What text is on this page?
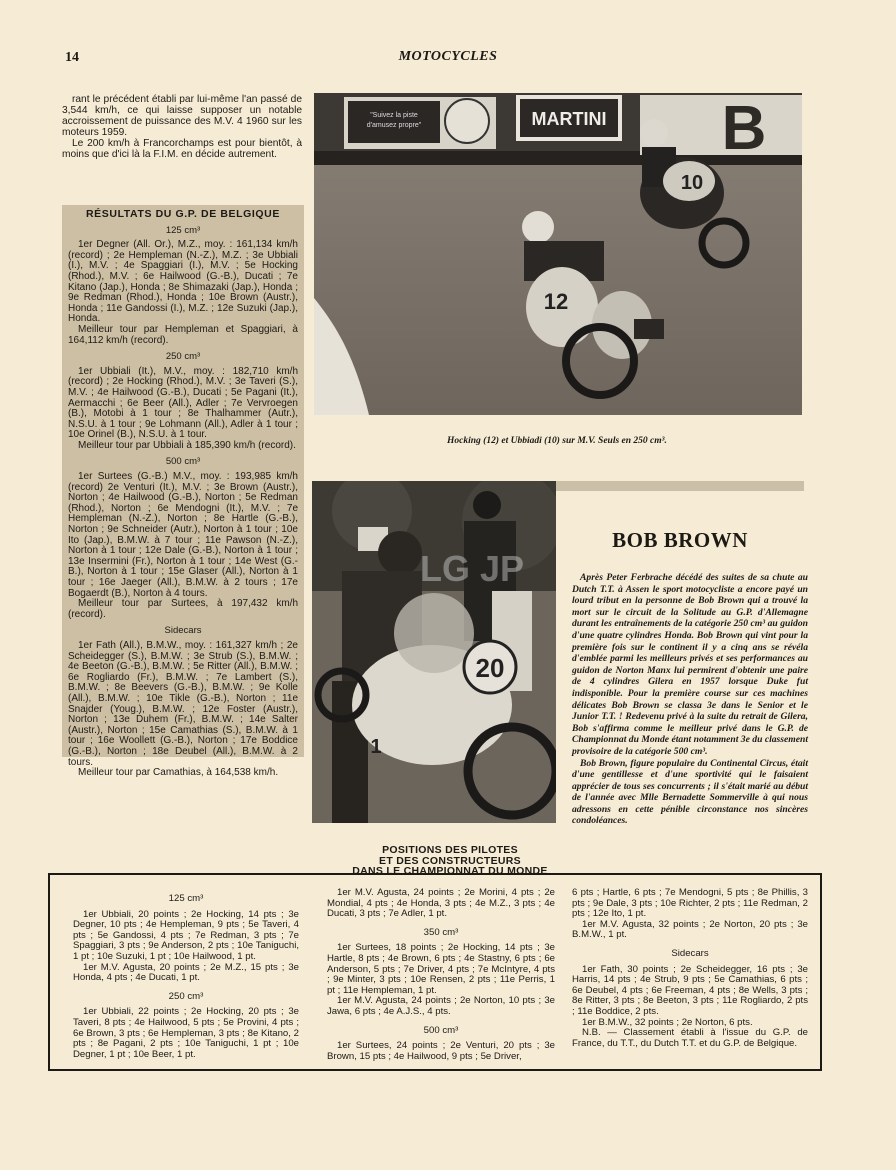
14	MOTOCYCLES

rant le précédent établi par lui-même l'an passé de 3,544 km/h, ce qui laisse supposer un notable accroissement de puissance des M.V. 4 1960 sur les moteurs 1959.

Le 200 km/h à Francorchamps est pour bientôt, à moins que d'ici là la F.I.M. en décide autrement.

RÉSULTATS DU G.P. DE BELGIQUE
125 cm³

1er Degner (All. Or.), M.Z., moy. : 161,134 km/h (record) ; 2e Hempleman (N.-Z.), M.Z. ; 3e Ubbiali (I.), M.V. ; 4e Spaggiari (I.), M.V. ; 5e Hocking (Rhod.), M.V. ; 6e Hailwood (G.-B.), Ducati ; 7e Kitano (Jap.), Honda ; 8e Shimazaki (Jap.), Honda ; 9e Redman (Rhod.), Honda ; 10e Brown (Austr.), Honda ; 11e Gandossi (I.), M.Z. ; 12e Suzuki (Jap.), Honda.

Meilleur tour par Hempleman et Spaggiari, à 164,112 km/h (record).

250 cm³

1er Ubbiali (It.), M.V., moy. : 182,710 km/h (record) ; 2e Hocking (Rhod.), M.V. ; 3e Taveri (S.), M.V. ; 4e Hailwood (G.-B.), Ducati ; 5e Pagani (It.), Aermacchi ; 6e Beer (All.), Adler ; 7e Vervroegen (B.), Motobi à 1 tour ; 8e Thalhammer (Autr.), N.S.U. à 1 tour ; 9e Lohmann (All.), Adler à 1 tour ; 10e Orinel (B.), N.S.U. à 1 tour.

Meilleur tour par Ubbiali à 185,390 km/h (record).

500 cm³

1er Surtees (G.-B.) M.V., moy. : 193,985 km/h (record) 2e Venturi (It.), M.V. ; 3e Brown (Austr.), Norton ; 4e Hailwood (G.-B.), Norton ; 5e Redman (Rhod.), Norton ; 6e Mendogni (It.), M.V. ; 7e Hempleman (N.-Z.), Norton ; 8e Hartle (G.-B.), Norton ; 9e Schneider (Autr.), Norton à 1 tour ; 10e Ito (Jap.), B.M.W. à 7 tour ; 11e Pawson (N.-Z.), Norton à 1 tour ; 12e Dale (G.-B.), Norton à 1 tour ; 13e Insermini (Fr.), Norton à 1 tour ; 14e West (G.-B.), Norton à 1 tour ; 15e Glaser (All.), Norton à 1 tour ; 16e Jaeger (All.), B.M.W. à 2 tours ; 17e Bogaerdt (B.), Norton à 4 tours.

Meilleur tour par Surtees, à 197,432 km/h (record).

Sidecars

1er Fath (All.), B.M.W., moy. : 161,327 km/h ; 2e Scheidegger (S.), B.M.W. ; 3e Strub (S.), B.M.W. ; 4e Beeton (G.-B.), B.M.W. ; 5e Ritter (All.), B.M.W. ; 6e Rogliardo (Fr.), B.M.W. ; 7e Lambert (S.), B.M.W. ; 8e Beevers (G.-B.), B.M.W. ; 9e Kolle (All.), B.M.W. ; 10e Tikle (G.-B.), Norton ; 11e Snajder (Youg.), B.M.W. ; 12e Foster (Austr.), Norton ; 13e Duhem (Fr.), B.M.W. ; 14e Salter (Austr.), Norton ; 15e Camathias (S.), B.M.W. à 1 tour ; 16e Woollett (G.-B.), Norton ; 17e Boddice (G.-B.), Norton ; 18e Deubel (All.), B.M.W. à 2 tours.

Meilleur tour par Camathias, à 164,538 km/h.

"Suivez la piste
d'amusez propre"	MARTINI B
10
12
Hocking (12) et Ubbiadi (10) sur M.V. Seuls en 250 cm³.
20
1
LG JP
BOB BROWN

Après Peter Ferbrache décédé des suites de sa chute au Dutch T.T. à Assen le sport motocycliste a encore payé un lourd tribut en la personne de Bob Brown qui a trouvé la mort sur le circuit de la Solitude au G.P. d'Allemagne durant les entraînements de la catégorie 250 cm³ au guidon d'une quatre cylindres Honda. Bob Brown qui vint pour la première fois sur le continent il y a cinq ans se révéla d'emblée parmi les meilleurs privés et ses performances au guidon de Norton Manx lui permirent d'obtenir une paire de 4 cylindres Gilera en 1957 lorsque Duke fut indisponible. Pour la première course sur ces machines délicates Bob Brown se classa 3e dans le Senior et le Junior T.T. ! Redevenu privé à la suite du retrait de Gilera, Bob s'affirma comme le meilleur privé dans le G.P. de Championnat du Monde étant notamment 3e du classement provisoire de la catégorie 500 cm³.

Bob Brown, figure populaire du Continental Circus, était d'une gentillesse et d'une sportivité qui le faisaient apprécier de tous ses concurrents ; il s'était marié au début de l'année avec Mlle Bernadette Sommerville à qui nous adressons en cette pénible circonstance nos sincères condoléances.

POSITIONS DES PILOTES
ET DES CONSTRUCTEURS
DANS LE CHAMPIONNAT DU MONDE
125 cm³

1er Ubbiali, 20 points ; 2e Hocking, 14 pts ; 3e Degner, 10 pts ; 4e Hempleman, 9 pts ; 5e Taveri, 4 pts ; 5e Gandossi, 4 pts ; 7e Redman, 3 pts ; 7e Spaggiari, 3 pts ; 9e Anderson, 2 pts ; 10e Taniguchi, 1 pt ; 10e Suzuki, 1 pt ; 10e Hailwood, 1 pt.

1er M.V. Agusta, 20 points ; 2e M.Z., 15 pts ; 3e Honda, 4 pts ; 4e Ducati, 1 pt.

250 cm³

1er Ubbiali, 22 points ; 2e Hocking, 20 pts ; 3e Taveri, 8 pts ; 4e Hailwood, 5 pts ; 5e Provini, 4 pts ; 6e Brown, 3 pts ; 6e Hempleman, 3 pts ; 8e Kitano, 2 pts ; 8e Pagani, 2 pts ; 10e Taniguchi, 1 pt ; 10e Degner, 1 pt ; 10e Beer, 1 pt.

1er M.V. Agusta, 24 points ; 2e Morini, 4 pts ; 2e Mondial, 4 pts ; 4e Honda, 3 pts ; 4e M.Z., 3 pts ; 4e Ducati, 3 pts ; 7e Adler, 1 pt.

350 cm³

1er Surtees, 18 points ; 2e Hocking, 14 pts ; 3e Hartle, 8 pts ; 4e Brown, 6 pts ; 4e Stastny, 6 pts ; 6e Anderson, 5 pts ; 7e Driver, 4 pts ; 7e McIntyre, 4 pts ; 9e Minter, 3 pts ; 10e Rensen, 2 pts ; 11e Perris, 1 pt ; 11e Hempleman, 1 pt.

1er M.V. Agusta, 24 points ; 2e Norton, 10 pts ; 3e Jawa, 6 pts ; 4e A.J.S., 4 pts.

500 cm³

1er Surtees, 24 points ; 2e Venturi, 20 pts ; 3e Brown, 15 pts ; 4e Hailwood, 9 pts ; 5e Driver,

6 pts ; Hartle, 6 pts ; 7e Mendogni, 5 pts ; 8e Phillis, 3 pts ; 9e Dale, 3 pts ; 10e Richter, 2 pts ; 11e Redman, 2 pts ; 12e Ito, 1 pt.

1er M.V. Agusta, 32 points ; 2e Norton, 20 pts ; 3e B.M.W., 1 pt.

Sidecars

1er Fath, 30 points ; 2e Scheidegger, 16 pts ; 3e Harris, 14 pts ; 4e Strub, 9 pts ; 5e Camathias, 6 pts ; 6e Deubel, 4 pts ; 6e Freeman, 4 pts ; 8e Wells, 3 pts ; 8e Ritter, 3 pts ; 8e Beeton, 3 pts ; 11e Rogliardo, 2 pts ; 11e Boddice, 2 pts.

1er B.M.W., 32 points ; 2e Norton, 6 pts.

N.B. — Classement établi à l'issue du G.P. de France, du T.T., du Dutch T.T. et du G.P. de Belgique.
